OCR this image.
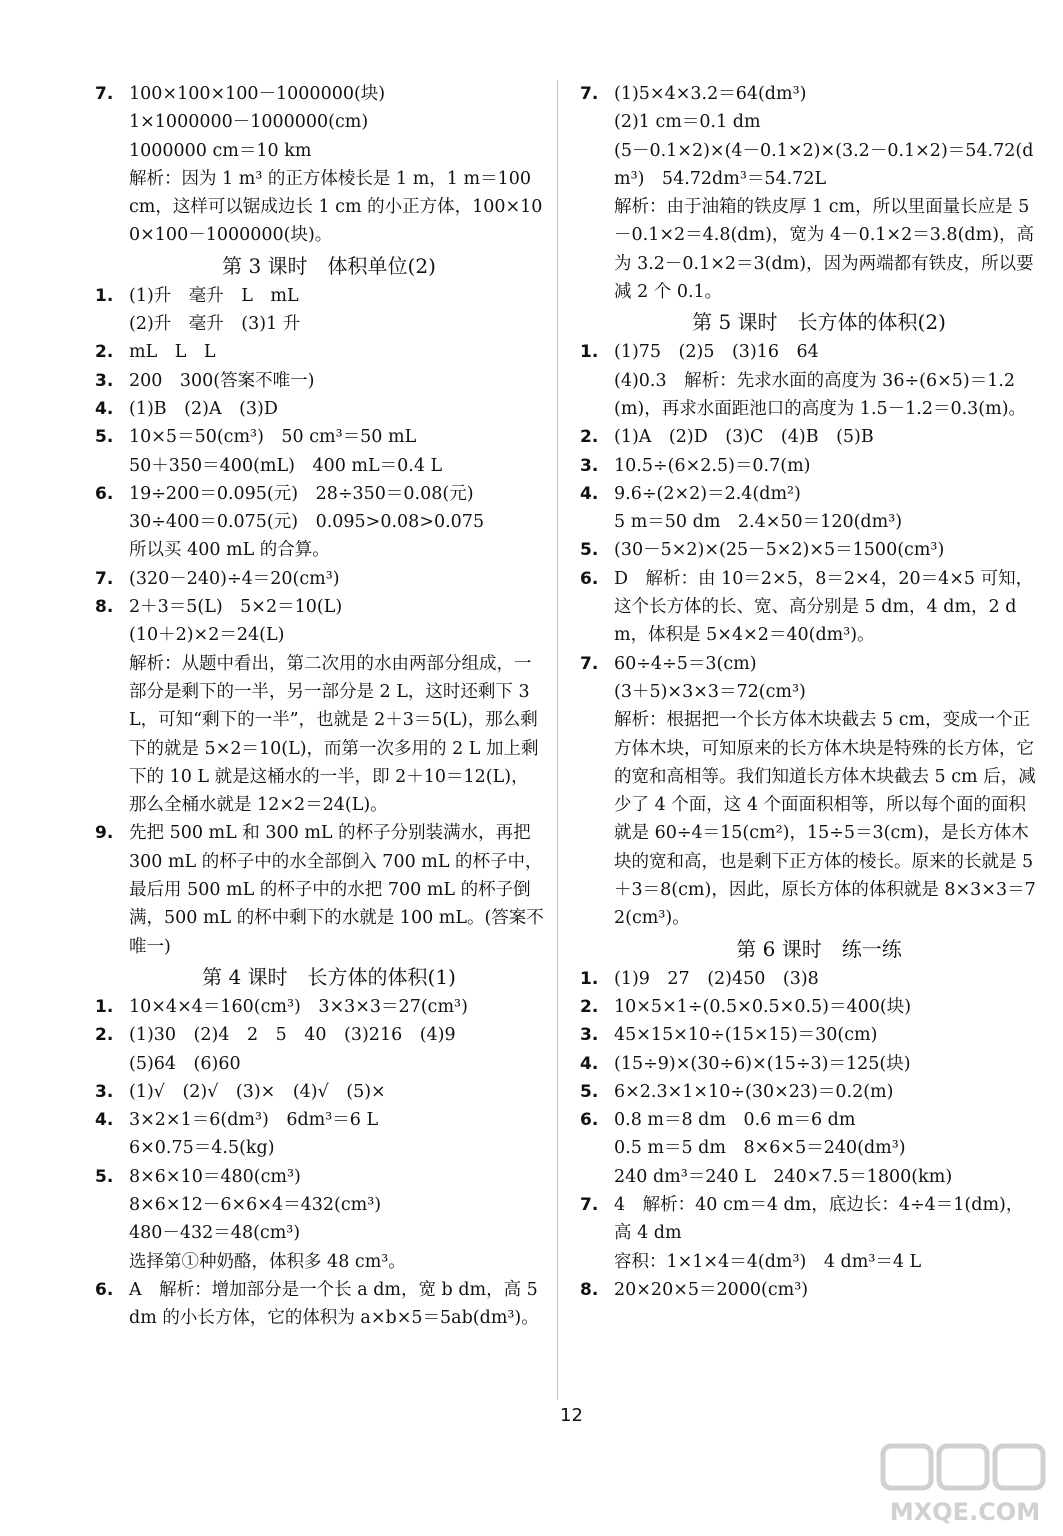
7. 100×100×100－1000000(块)
1×1000000－1000000(cm)
1000000 cm＝10 km
解析：因为 1 m³ 的正方体棱长是 1 m，1 m＝100 cm，这样可以锯成边长 1 cm 的小正方体，100×100×100－1000000(块)。
第 3 课时　体积单位(2)
1. (1)升　毫升　L　mL
(2)升　毫升　(3)1 升
2. mL　L　L
3. 200　300(答案不唯一)
4. (1)B　(2)A　(3)D
5. 10×5＝50(cm³)　50 cm³＝50 mL
50＋350＝400(mL)　400 mL＝0.4 L
6. 19÷200＝0.095(元)　28÷350＝0.08(元)
30÷400＝0.075(元)　0.095>0.08>0.075
所以买 400 mL 的合算。
7. (320－240)÷4＝20(cm³)
8. 2＋3＝5(L)　5×2＝10(L)
(10＋2)×2＝24(L)
解析：从题中看出，第二次用的水由两部分组成，一部分是剩下的一半，另一部分是 2 L，这时还剩下 3 L，可知“剩下的一半”，也就是 2＋3＝5(L)，那么剩下的就是 5×2＝10(L)，而第一次多用的 2 L 加上剩下的 10 L 就是这桶水的一半，即 2＋10＝12(L)，那么全桶水就是 12×2＝24(L)。
9. 先把 500 mL 和 300 mL 的杯子分别装满水，再把 300 mL 的杯子中的水全部倒入 700 mL 的杯子中，最后用 500 mL 的杯子中的水把 700 mL 的杯子倒满，500 mL 的杯中剩下的水就是 100 mL。(答案不唯一)
第 4 课时　长方体的体积(1)
1. 10×4×4＝160(cm³)　3×3×3＝27(cm³)
2. (1)30　(2)4　2　5　40　(3)216　(4)9
(5)64　(6)60
3. (1)√　(2)√　(3)×　(4)√　(5)×
4. 3×2×1＝6(dm³)　6dm³＝6 L
6×0.75＝4.5(kg)
5. 8×6×10＝480(cm³)
8×6×12－6×6×4＝432(cm³)
480－432＝48(cm³)
选择第①种奶酪，体积多 48 cm³。
6. A　解析：增加部分是一个长 a dm，宽 b dm，高 5 dm 的小长方体，它的体积为 a×b×5＝5ab(dm³)。
7. (1)5×4×3.2＝64(dm³)
(2)1 cm＝0.1 dm
(5－0.1×2)×(4－0.1×2)×(3.2－0.1×2)＝54.72(dm³)　54.72dm³＝54.72L
解析：由于油箱的铁皮厚 1 cm，所以里面量长应是 5－0.1×2＝4.8(dm)，宽为 4－0.1×2＝3.8(dm)，高为 3.2－0.1×2＝3(dm)，因为两端都有铁皮，所以要减 2 个 0.1。
第 5 课时　长方体的体积(2)
1. (1)75　(2)5　(3)16　64
(4)0.3　解析：先求水面的高度为 36÷(6×5)＝1.2(m)，再求水面距池口的高度为 1.5－1.2＝0.3(m)。
2. (1)A　(2)D　(3)C　(4)B　(5)B
3. 10.5÷(6×2.5)＝0.7(m)
4. 9.6÷(2×2)＝2.4(dm²)
5 m＝50 dm　2.4×50＝120(dm³)
5. (30－5×2)×(25－5×2)×5＝1500(cm³)
6. D　解析：由 10＝2×5，8＝2×4，20＝4×5 可知，这个长方体的长、宽、高分别是 5 dm，4 dm，2 dm，体积是 5×4×2＝40(dm³)。
7. 60÷4÷5＝3(cm)
(3＋5)×3×3＝72(cm³)
解析：根据把一个长方体木块截去 5 cm，变成一个正方体木块，可知原来的长方体木块是特殊的长方体，它的宽和高相等。我们知道长方体木块截去 5 cm 后，减少了 4 个面，这 4 个面面积相等，所以每个面的面积就是 60÷4＝15(cm²)，15÷5＝3(cm)，是长方体木块的宽和高，也是剩下正方体的棱长。原来的长就是 5＋3＝8(cm)，因此，原长方体的体积就是 8×3×3＝72(cm³)。
第 6 课时　练一练
1. (1)9　27　(2)450　(3)8
2. 10×5×1÷(0.5×0.5×0.5)＝400(块)
3. 45×15×10÷(15×15)＝30(cm)
4. (15÷9)×(30÷6)×(15÷3)＝125(块)
5. 6×2.3×1×10÷(30×23)＝0.2(m)
6. 0.8 m＝8 dm　0.6 m＝6 dm
0.5 m＝5 dm　8×6×5＝240(dm³)
240 dm³＝240 L　240×7.5＝1800(km)
7. 4　解析：40 cm＝4 dm，底边长：4÷4＝1(dm)，高 4 dm
容积：1×1×4＝4(dm³)　4 dm³＝4 L
8. 20×20×5＝2000(cm³)
12
MXQE.COM
